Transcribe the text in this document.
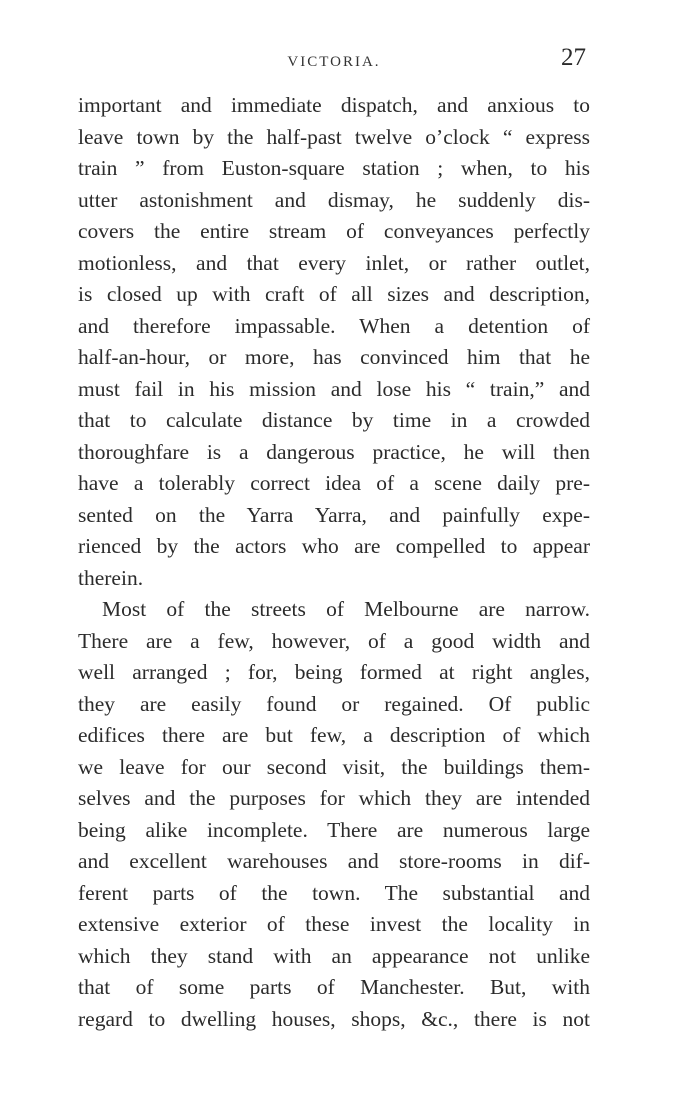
VICTORIA.	27
important and immediate dispatch, and anxious to
leave town by the half-past twelve o’clock “ express
train ” from Euston-square station ; when, to his
utter astonishment and dismay, he suddenly dis-
covers the entire stream of conveyances perfectly
motionless, and that every inlet, or rather outlet,
is closed up with craft of all sizes and description,
and therefore impassable. When a detention of
half-an-hour, or more, has convinced him that he
must fail in his mission and lose his “ train,” and
that to calculate distance by time in a crowded
thoroughfare is a dangerous practice, he will then
have a tolerably correct idea of a scene daily pre-
sented on the Yarra Yarra, and painfully expe-
rienced by the actors who are compelled to appear
therein.
Most of the streets of Melbourne are narrow.
There are a few, however, of a good width and
well arranged ; for, being formed at right angles,
they are easily found or regained. Of public
edifices there are but few, a description of which
we leave for our second visit, the buildings them-
selves and the purposes for which they are intended
being alike incomplete. There are numerous large
and excellent warehouses and store-rooms in dif-
ferent parts of the town. The substantial and
extensive exterior of these invest the locality in
which they stand with an appearance not unlike
that of some parts of Manchester. But, with
regard to dwelling houses, shops, &c., there is not
